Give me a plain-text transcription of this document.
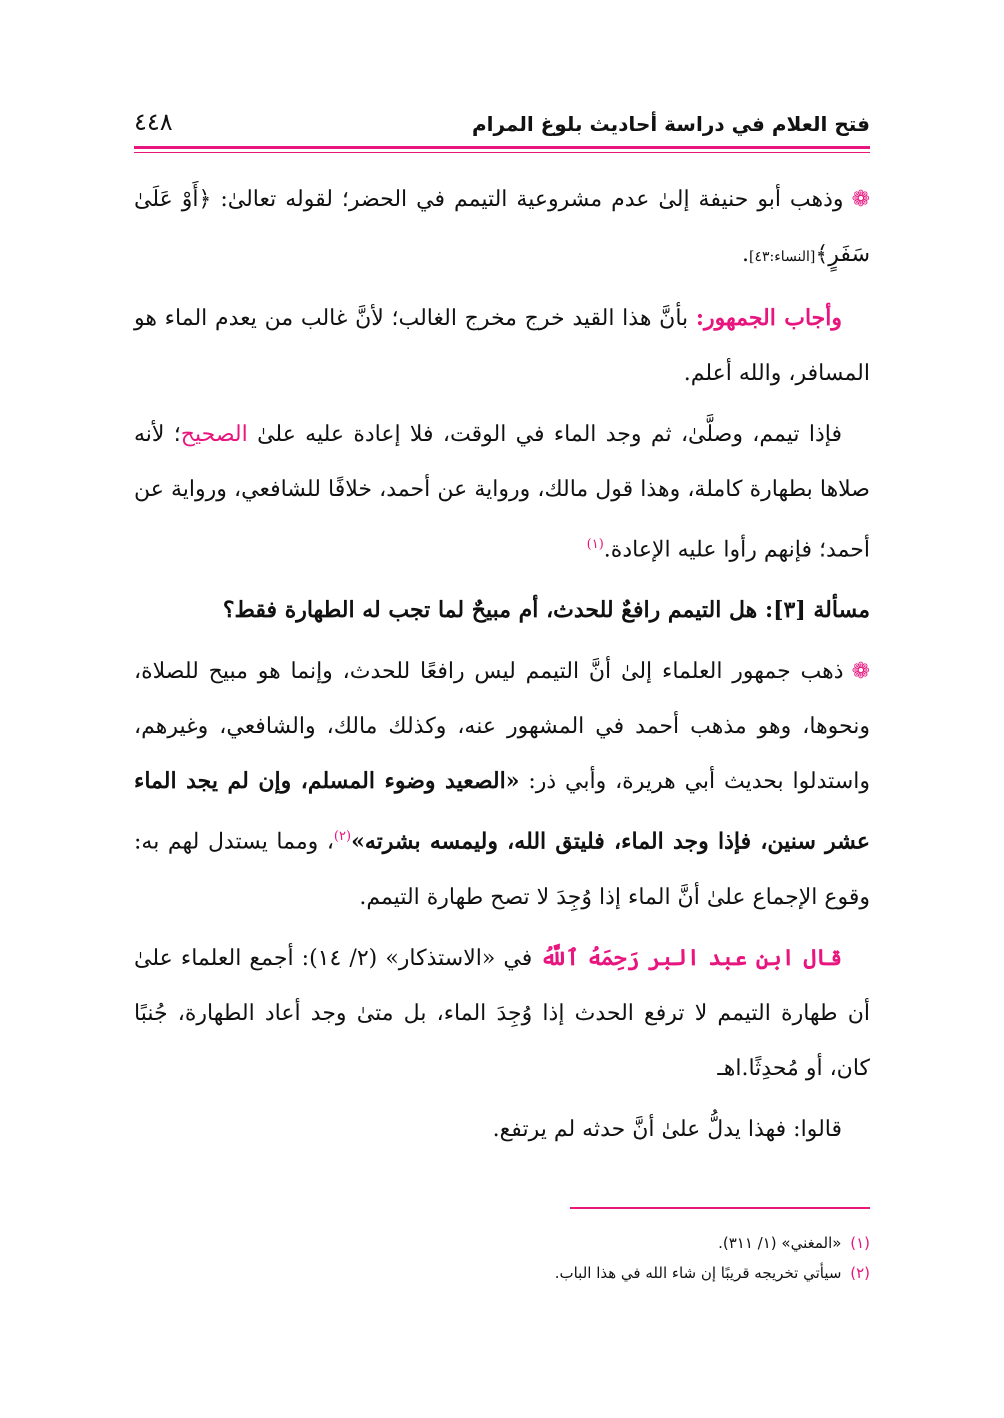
فتح العلام في دراسة أحاديث بلوغ المرام
٤٤٨

❁وذهب أبو حنيفة إلىٰ عدم مشروعية التيمم في الحضر؛ لقوله تعالىٰ: ﴿أَوْ عَلَىٰ سَفَرٍ﴾[النساء:٤٣].

وأجاب الجمهور: بأنَّ هذا القيد خرج مخرج الغالب؛ لأنَّ غالب من يعدم الماء هو المسافر، والله أعلم.

فإذا تيمم، وصلَّىٰ، ثم وجد الماء في الوقت، فلا إعادة عليه علىٰ الصحيح؛ لأنه صلاها بطهارة كاملة، وهذا قول مالك، ورواية عن أحمد، خلافًا للشافعي، ورواية عن أحمد؛ فإنهم رأوا عليه الإعادة.$^{(١)}$

مسألة [٣]: هل التيمم رافعٌ للحدث، أم مبيحٌ لما تجب له الطهارة فقط؟

❁ذهب جمهور العلماء إلىٰ أنَّ التيمم ليس رافعًا للحدث، وإنما هو مبيح للصلاة، ونحوها، وهو مذهب أحمد في المشهور عنه، وكذلك مالك، والشافعي، وغيرهم، واستدلوا بحديث أبي هريرة، وأبي ذر: «الصعيد وضوء المسلم، وإن لم يجد الماء عشر سنين، فإذا وجد الماء، فليتق الله، وليمسه بشرته»$^{(٢)}$، ومما يستدل لهم به: وقوع الإجماع علىٰ أنَّ الماء إذا وُجِدَ لا تصح طهارة التيمم.

قال ابن عبد البر رَحِمَهُ ٱللَّهُ في «الاستذكار» (٢/ ١٤): أجمع العلماء علىٰ أن طهارة التيمم لا ترفع الحدث إذا وُجِدَ الماء، بل متىٰ وجد أعاد الطهارة، جُنبًا كان، أو مُحدِثًا.اهـ

قالوا: فهذا يدلُّ علىٰ أنَّ حدثه لم يرتفع.

(١) «المغني» (١/ ٣١١).
(٢) سيأتي تخريجه قريبًا إن شاء الله في هذا الباب.
